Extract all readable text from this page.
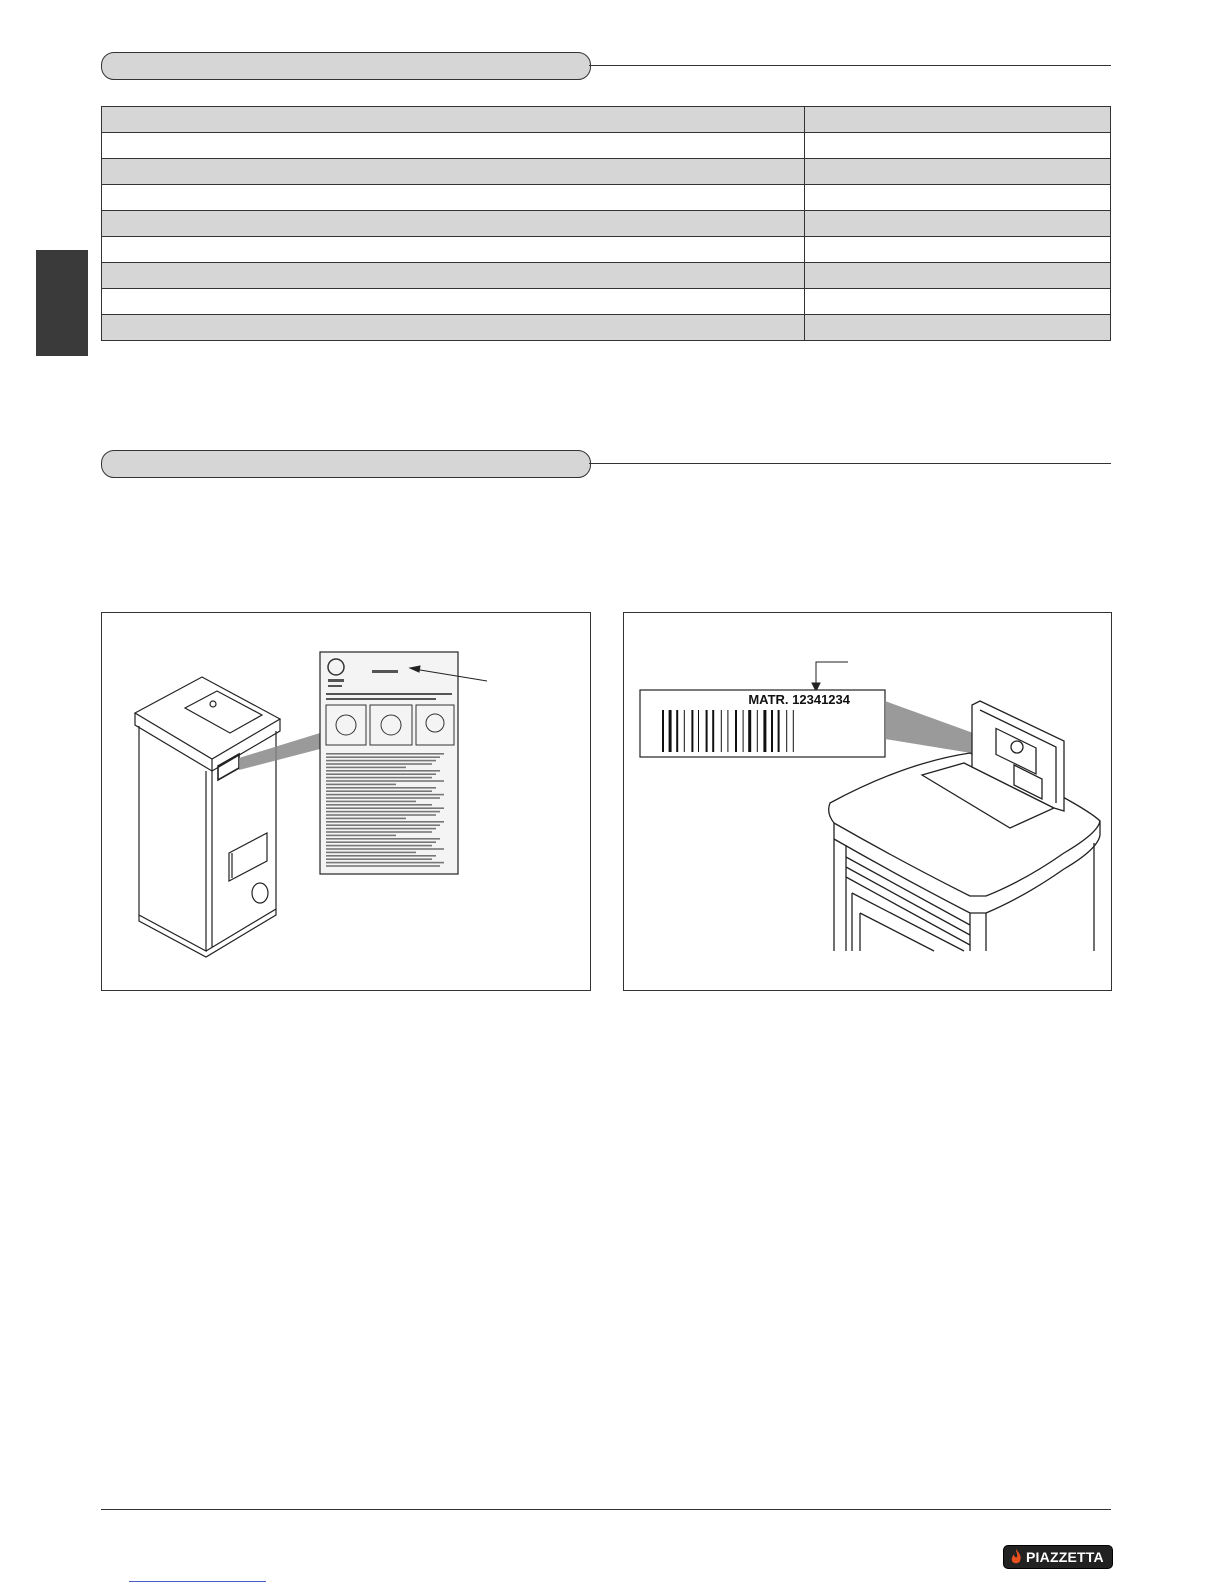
MATR. 12341234
PIAZZETTA
